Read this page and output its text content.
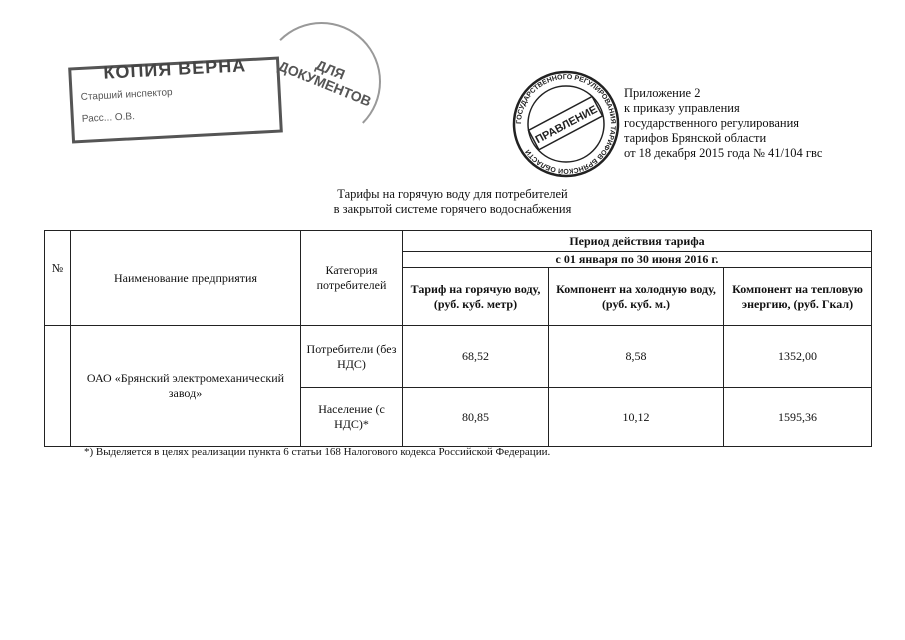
КОПИЯ ВЕРНА
Старший инспектор
Расс... О.В.
ДЛЯ ДОКУМЕНТОВ
ГОСУДАРСТВЕННОГО РЕГУЛИРОВАНИЯ ТАРИФОВ БРЯНСКОЙ ОБЛАСТИ
ПРАВЛЕНИЕ
Приложение 2
к приказу управления
государственного регулирования
тарифов Брянской области
от 18 декабря 2015 года № 41/104 гвс
Тарифы на горячую воду для потребителей
в закрытой системе горячего водоснабжения
№	Наименование предприятия	Категория потребителей	Период действия тарифа		
			с 01 января по 30 июня 2016 г.		
			Тариф на горячую воду, (руб. куб. метр)	Компонент на холодную воду, (руб. куб. м.)	Компонент на тепловую энергию, (руб. Гкал)
	ОАО «Брянский электромеханический завод»	Потребители (без НДС)	68,52	8,58	1352,00
		Население (с НДС)*	80,85	10,12	1595,36
*) Выделяется в целях реализации пункта 6 статьи 168 Налогового кодекса Российской Федерации.
